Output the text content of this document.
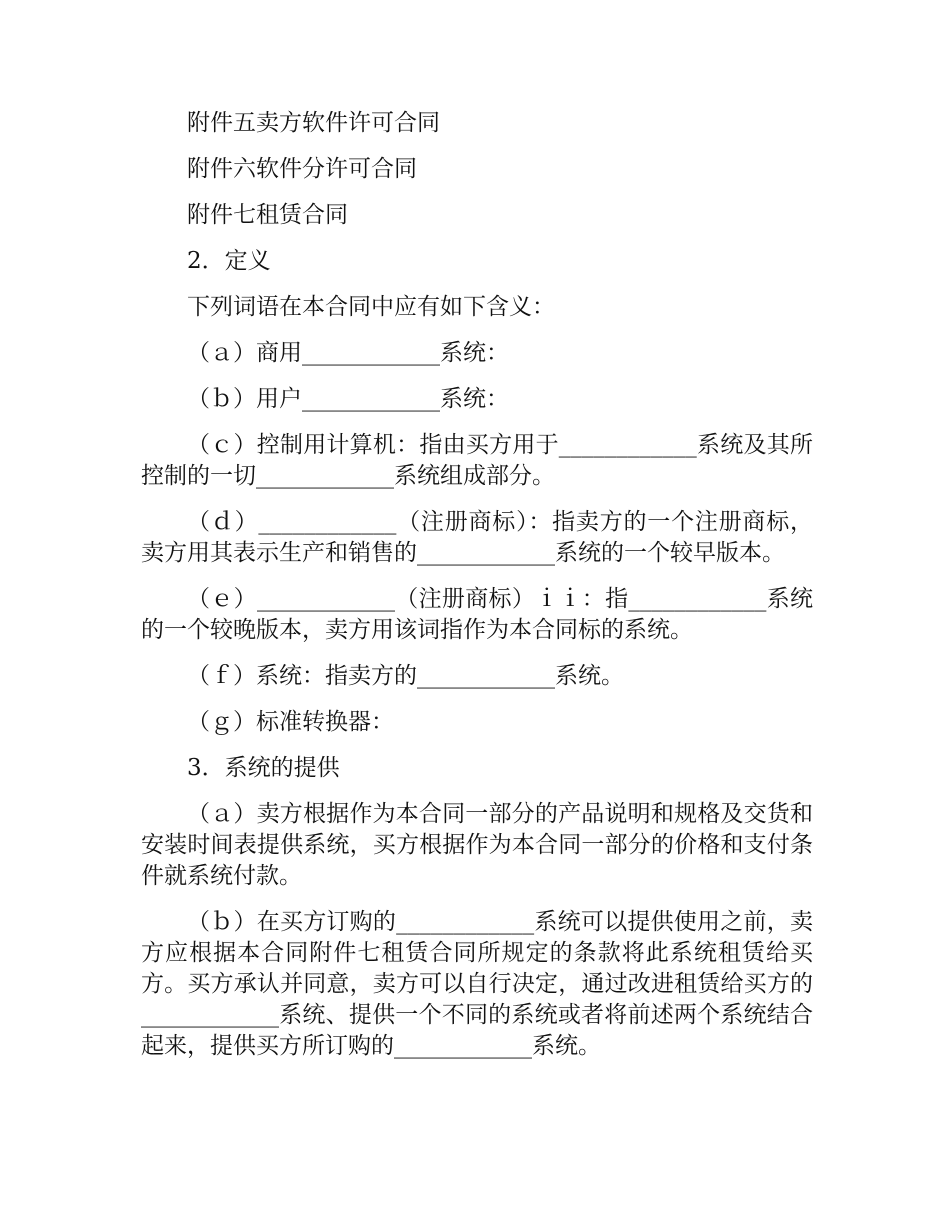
附件五卖方软件许可合同

附件六软件分许可合同

附件七租赁合同

2．定义

下列词语在本合同中应有如下含义：

（ａ）商用____________系统：

（ｂ）用户____________系统：

（ｃ）控制用计算机：指由买方用于____________系统及其所控制的一切____________系统组成部分。

（ｄ）____________（注册商标）：指卖方的一个注册商标，卖方用其表示生产和销售的____________系统的一个较早版本。

（ｅ）____________（注册商标）ｉｉ：指____________系统的一个较晚版本，卖方用该词指作为本合同标的系统。

（ｆ）系统：指卖方的____________系统。

（ｇ）标准转换器：

3．系统的提供

（ａ）卖方根据作为本合同一部分的产品说明和规格及交货和安装时间表提供系统，买方根据作为本合同一部分的价格和支付条件就系统付款。

（ｂ）在买方订购的____________系统可以提供使用之前，卖方应根据本合同附件七租赁合同所规定的条款将此系统租赁给买方。买方承认并同意，卖方可以自行决定，通过改进租赁给买方的____________系统、提供一个不同的系统或者将前述两个系统结合起来，提供买方所订购的____________系统。
